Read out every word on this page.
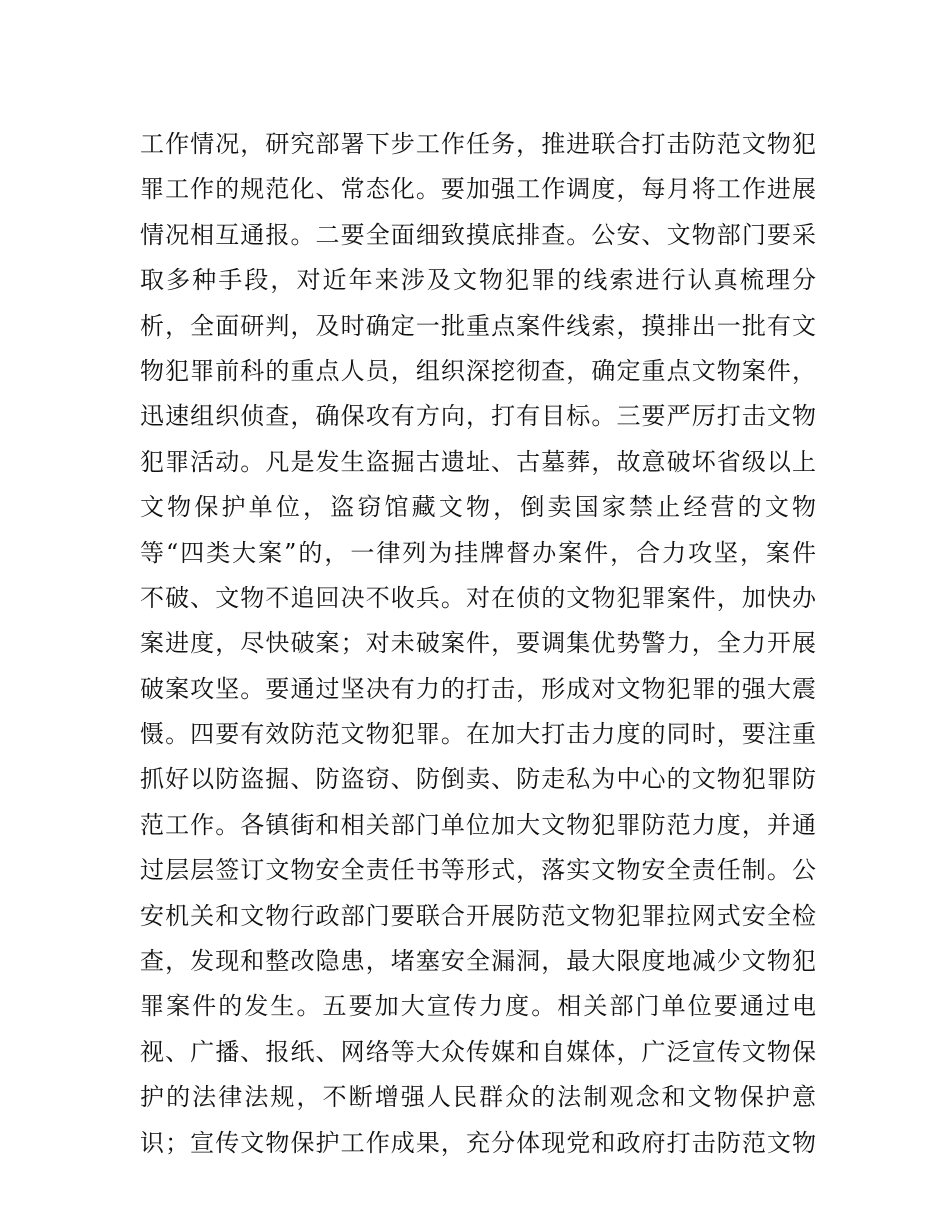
工作情况，研究部署下步工作任务，推进联合打击防范文物犯
罪工作的规范化、常态化。要加强工作调度，每月将工作进展
情况相互通报。二要全面细致摸底排查。公安、文物部门要采
取多种手段，对近年来涉及文物犯罪的线索进行认真梳理分
析，全面研判，及时确定一批重点案件线索，摸排出一批有文
物犯罪前科的重点人员，组织深挖彻查，确定重点文物案件，
迅速组织侦查，确保攻有方向，打有目标。三要严厉打击文物
犯罪活动。凡是发生盗掘古遗址、古墓葬，故意破坏省级以上
文物保护单位，盗窃馆藏文物，倒卖国家禁止经营的文物
等“四类大案”的，一律列为挂牌督办案件，合力攻坚，案件
不破、文物不追回决不收兵。对在侦的文物犯罪案件，加快办
案进度，尽快破案；对未破案件，要调集优势警力，全力开展
破案攻坚。要通过坚决有力的打击，形成对文物犯罪的强大震
慑。四要有效防范文物犯罪。在加大打击力度的同时，要注重
抓好以防盗掘、防盗窃、防倒卖、防走私为中心的文物犯罪防
范工作。各镇街和相关部门单位加大文物犯罪防范力度，并通
过层层签订文物安全责任书等形式，落实文物安全责任制。公
安机关和文物行政部门要联合开展防范文物犯罪拉网式安全检
查，发现和整改隐患，堵塞安全漏洞，最大限度地减少文物犯
罪案件的发生。五要加大宣传力度。相关部门单位要通过电
视、广播、报纸、网络等大众传媒和自媒体，广泛宣传文物保
护的法律法规，不断增强人民群众的法制观念和文物保护意
识；宣传文物保护工作成果，充分体现党和政府打击防范文物
